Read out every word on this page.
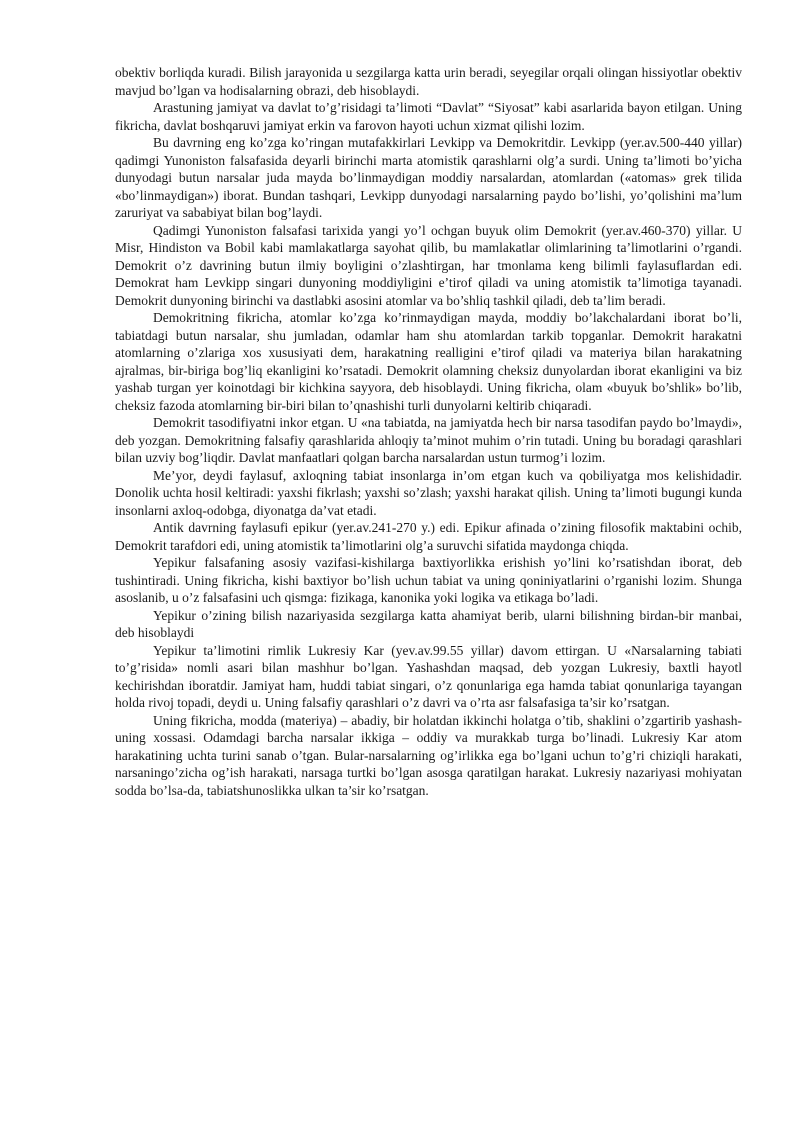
obektiv borliqda kuradi. Bilish jarayonida u sezgilarga katta urin beradi, seyegilar orqali olingan hissiyotlar obektiv mavjud bo’lgan va hodisalarning obrazi, deb hisoblaydi.

Arastuning jamiyat va davlat to’g’risidagi ta’limoti “Davlat” “Siyosat” kabi asarlarida bayon etilgan. Uning fikricha, davlat boshqaruvi jamiyat erkin va farovon hayoti uchun xizmat qilishi lozim.

Bu davrning eng ko’zga ko’ringan mutafakkirlari Levkipp va Demokritdir. Levkipp (yer.av.500-440 yillar) qadimgi Yunoniston falsafasida deyarli birinchi marta atomistik qarashlarni olg’a surdi. Uning ta’limoti bo’yicha dunyodagi butun narsalar juda mayda bo’linmaydigan moddiy narsalardan, atomlardan («atomas» grek tilida «bo’linmaydigan») iborat. Bundan tashqari, Levkipp dunyodagi narsalarning paydo bo’lishi, yo’qolishini ma’lum zaruriyat va sababiyat bilan bog’laydi.

Qadimgi Yunoniston falsafasi tarixida yangi yo’l ochgan buyuk olim Demokrit (yer.av.460-370) yillar. U Misr, Hindiston va Bobil kabi mamlakatlarga sayohat qilib, bu mamlakatlar olimlarining ta’limotlarini o’rgandi. Demokrit o’z davrining butun ilmiy boyligini o’zlashtirgan, har tmonlama keng bilimli faylasuflardan edi. Demokrat ham Levkipp singari dunyoning moddiyligini e’tirof qiladi va uning atomistik ta’limotiga tayanadi. Demokrit dunyoning birinchi va dastlabki asosini atomlar va bo’shliq tashkil qiladi, deb ta’lim beradi.

Demokritning fikricha, atomlar ko’zga ko’rinmaydigan mayda, moddiy bo’lakchalardani iborat bo’li, tabiatdagi butun narsalar, shu jumladan, odamlar ham shu atomlardan tarkib topganlar. Demokrit harakatni atomlarning o’zlariga xos xususiyati dem, harakatning realligini e’tirof qiladi va materiya bilan harakatning ajralmas, bir-biriga bog’liq ekanligini ko’rsatadi. Demokrit olamning cheksiz dunyolardan iborat ekanligini va biz yashab turgan yer koinotdagi bir kichkina sayyora, deb hisoblaydi. Uning fikricha, olam «buyuk bo’shlik» bo’lib, cheksiz fazoda atomlarning bir-biri bilan to’qnashishi turli dunyolarni keltirib chiqaradi.

Demokrit tasodifiyatni inkor etgan. U «na tabiatda, na jamiyatda hech bir narsa tasodifan paydo bo’lmaydi», deb yozgan. Demokritning falsafiy qarashlarida ahloqiy ta’minot muhim o’rin tutadi. Uning bu boradagi qarashlari bilan uzviy bog’liqdir. Davlat manfaatlari qolgan barcha narsalardan ustun turmog’i lozim.

Me’yor, deydi faylasuf, axloqning tabiat insonlarga in’om etgan kuch va qobiliyatga mos kelishidadir. Donolik uchta hosil keltiradi: yaxshi fikrlash; yaxshi so’zlash; yaxshi harakat qilish. Uning ta’limoti bugungi kunda insonlarni axloq-odobga, diyonatga da’vat etadi.

Antik davrning faylasufi epikur (yer.av.241-270 y.) edi. Epikur afinada o’zining filosofik maktabini ochib, Demokrit tarafdori edi, uning atomistik ta’limotlarini olg’a suruvchi sifatida maydonga chiqda.

Yepikur falsafaning asosiy vazifasi-kishilarga baxtiyorlikka erishish yo’lini ko’rsatishdan iborat, deb tushintiradi. Uning fikricha, kishi baxtiyor bo’lish uchun tabiat va uning qoniniyatlarini o’rganishi lozim. Shunga asoslanib, u o’z falsafasini uch qismga: fizikaga, kanonika yoki logika va etikaga bo’ladi.

Yepikur o’zining bilish nazariyasida sezgilarga katta ahamiyat berib, ularni bilishning birdan-bir manbai, deb hisoblaydi

Yepikur ta’limotini rimlik Lukresiy Kar (yev.av.99.55 yillar) davom ettirgan. U «Narsalarning tabiati to’g’risida» nomli asari bilan mashhur bo’lgan. Yashashdan maqsad, deb yozgan Lukresiy, baxtli hayotl kechirishdan iboratdir. Jamiyat ham, huddi tabiat singari, o’z qonunlariga ega hamda tabiat qonunlariga tayangan holda rivoj topadi, deydi u. Uning falsafiy qarashlari o’z davri va o’rta asr falsafasiga ta’sir ko’rsatgan.

Uning fikricha, modda (materiya) – abadiy, bir holatdan ikkinchi holatga o’tib, shaklini o’zgartirib yashash-uning xossasi. Odamdagi barcha narsalar ikkiga – oddiy va murakkab turga bo’linadi. Lukresiy Kar atom harakatining uchta turini sanab o’tgan. Bular-narsalarning og’irlikka ega bo’lgani uchun to’g’ri chiziqli harakati, narsaningo’zicha og’ish harakati, narsaga turtki bo’lgan asosga qaratilgan harakat. Lukresiy nazariyasi mohiyatan sodda bo’lsa-da, tabiatshunoslikka ulkan ta’sir ko’rsatgan.
